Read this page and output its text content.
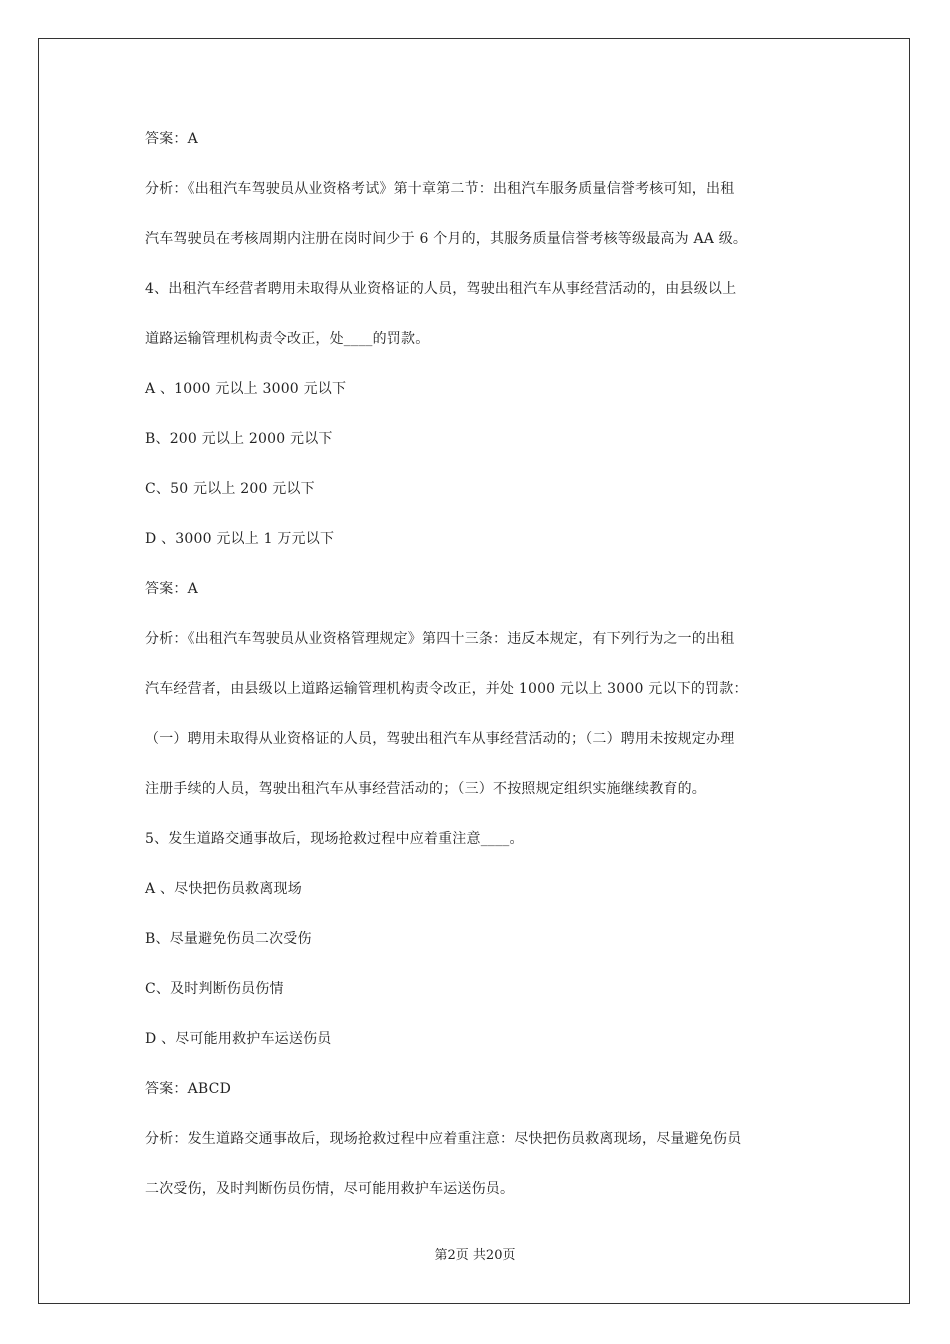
答案：A
分析：《出租汽车驾驶员从业资格考试》第十章第二节：出租汽车服务质量信誉考核可知，出租
汽车驾驶员在考核周期内注册在岗时间少于 6 个月的，其服务质量信誉考核等级最高为 AA 级。
4、出租汽车经营者聘用未取得从业资格证的人员，驾驶出租汽车从事经营活动的，由县级以上
道路运输管理机构责令改正，处____的罚款。
A 、1000 元以上 3000 元以下
B、200 元以上 2000 元以下
C、50 元以上 200 元以下
D 、3000 元以上 1 万元以下
答案：A
分析：《出租汽车驾驶员从业资格管理规定》第四十三条：违反本规定，有下列行为之一的出租
汽车经营者，由县级以上道路运输管理机构责令改正，并处 1000 元以上 3000 元以下的罚款：
（一）聘用未取得从业资格证的人员，驾驶出租汽车从事经营活动的；（二）聘用未按规定办理
注册手续的人员，驾驶出租汽车从事经营活动的；（三）不按照规定组织实施继续教育的。
5、发生道路交通事故后，现场抢救过程中应着重注意____。
A 、尽快把伤员救离现场
B、尽量避免伤员二次受伤
C、及时判断伤员伤情
D 、尽可能用救护车运送伤员
答案：ABCD
分析：发生道路交通事故后，现场抢救过程中应着重注意：尽快把伤员救离现场，尽量避免伤员
二次受伤，及时判断伤员伤情，尽可能用救护车运送伤员。
第2页 共20页
